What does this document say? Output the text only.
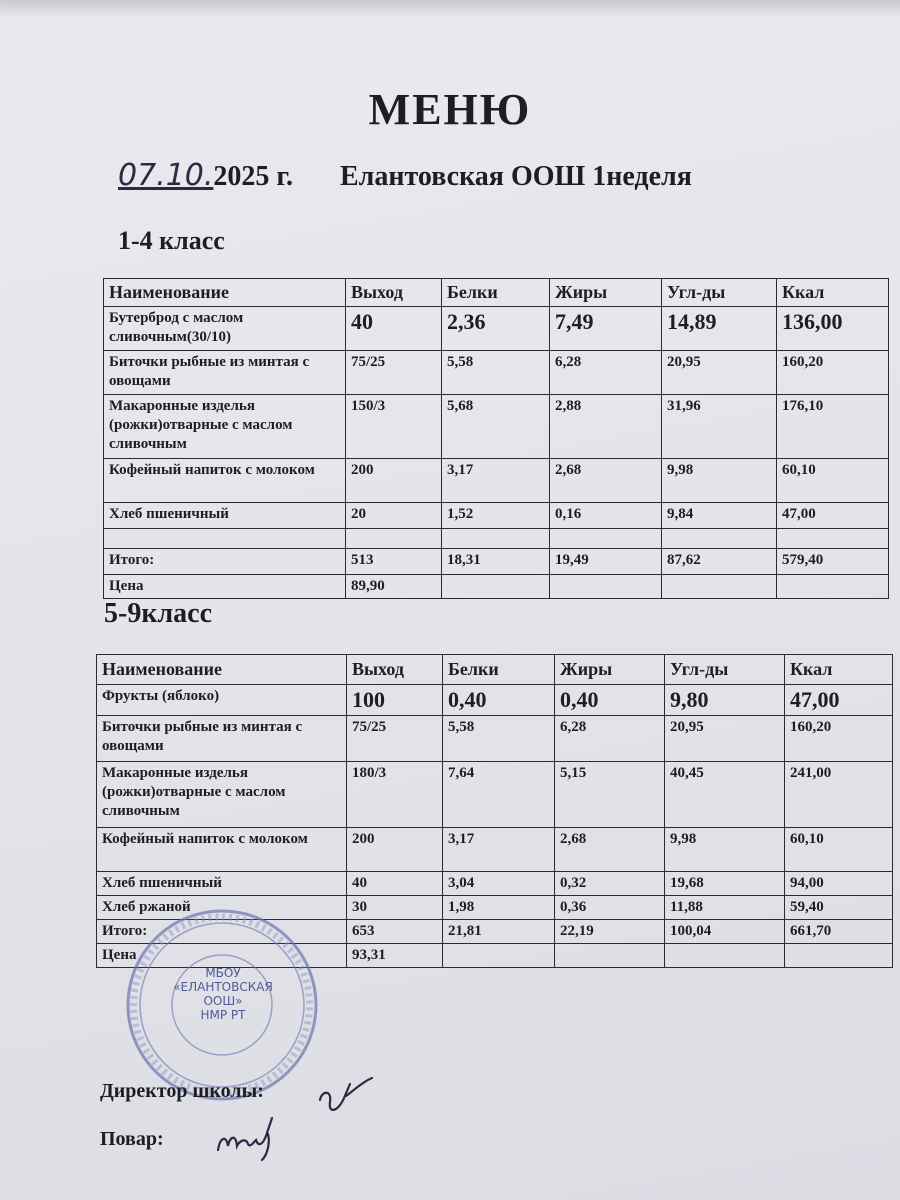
МЕНЮ
07.10.2025 г. Елантовская ООШ 1неделя
1-4 класс
Наименование	Выход	Белки	Жиры	Угл-ды	Ккал
Бутерброд с маслом сливочным(30/10)	40	2,36	7,49	14,89	136,00
Биточки рыбные из минтая с овощами	75/25	5,58	6,28	20,95	160,20
Макаронные изделья (рожки)отварные с маслом сливочным	150/3	5,68	2,88	31,96	176,10
Кофейный напиток с молоком	200	3,17	2,68	9,98	60,10
Хлеб пшеничный	20	1,52	0,16	9,84	47,00

Итого:	513	18,31	19,49	87,62	579,40
Цена	89,90				
5-9класс
Наименование	Выход	Белки	Жиры	Угл-ды	Ккал
Фрукты (яблоко)	100	0,40	0,40	9,80	47,00
Биточки рыбные из минтая с овощами	75/25	5,58	6,28	20,95	160,20
Макаронные изделья (рожки)отварные с маслом сливочным	180/3	7,64	5,15	40,45	241,00
Кофейный напиток с молоком	200	3,17	2,68	9,98	60,10
Хлеб пшеничный	40	3,04	0,32	19,68	94,00
Хлеб ржаной	30	1,98	0,36	11,88	59,40
Итого:	653	21,81	22,19	100,04	661,70
Цена	93,31				
МБОУ
«ЕЛАНТОВСКАЯ
ООШ»
НМР РТ
Директор школы:
Повар:
